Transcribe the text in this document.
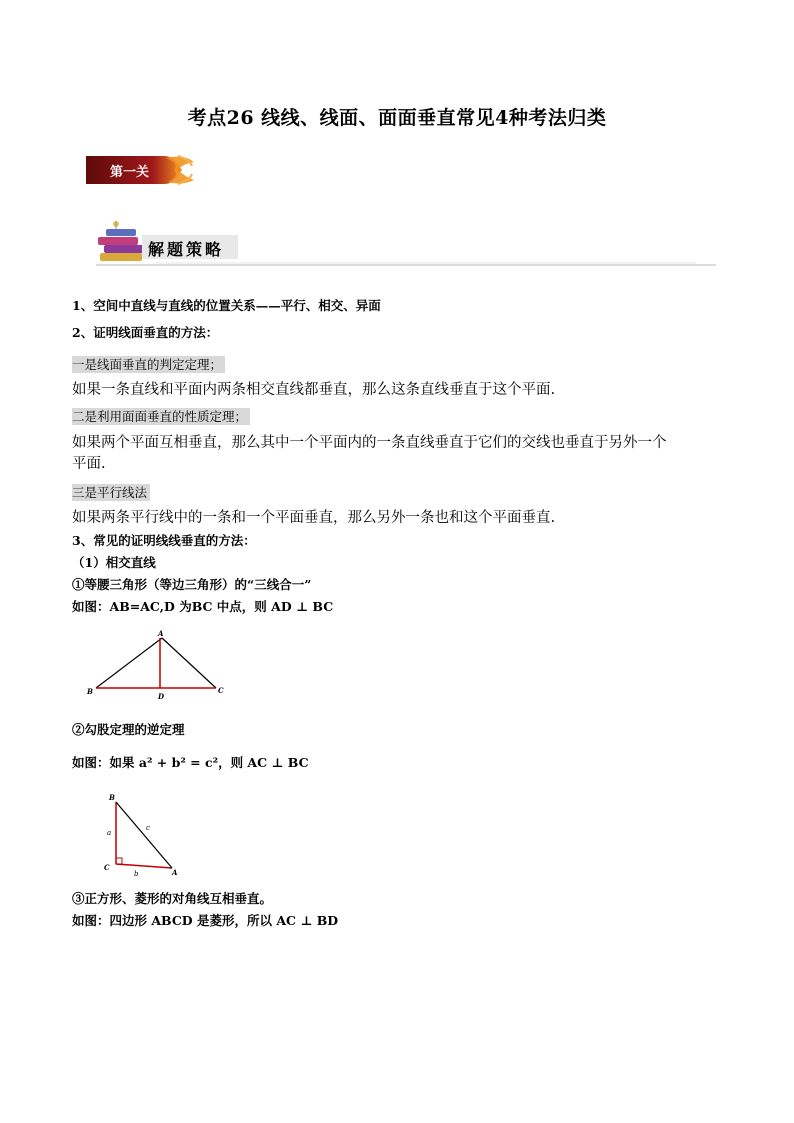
考点26 线线、线面、面面垂直常见4种考法归类
第一关
解题策略
1、空间中直线与直线的位置关系——平行、相交、异面
2、证明线面垂直的方法：
一是线面垂直的判定定理；
如果一条直线和平面内两条相交直线都垂直，那么这条直线垂直于这个平面.
二是利用面面垂直的性质定理；
如果两个平面互相垂直，那么其中一个平面内的一条直线垂直于它们的交线也垂直于另外一个
平面.
三是平行线法
如果两条平行线中的一条和一个平面垂直，那么另外一条也和这个平面垂直.
3、常见的证明线线垂直的方法：
（1）相交直线
①等腰三角形（等边三角形）的“三线合一”
如图：AB=AC,D 为BC 中点，则 AD ⊥ BC
A
B	C
D
②勾股定理的逆定理
如图：如果 a² + b² = c²，则 AC ⊥ BC
B
C
A
a
b
c
③正方形、菱形的对角线互相垂直。
如图：四边形 ABCD 是菱形，所以 AC ⊥ BD
